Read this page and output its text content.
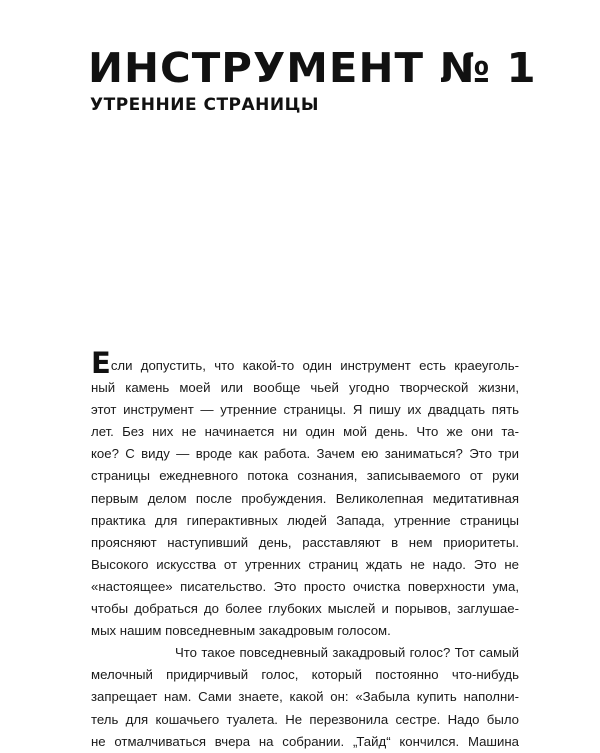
ИНСТРУМЕНТ № 1
УТРЕННИЕ СТРАНИЦЫ
Если допустить, что какой-то один инструмент есть краеуголь-
ный камень моей или вообще чьей угодно творческой жизни,
этот инструмент — утренние страницы. Я пишу их двадцать пять
лет. Без них не начинается ни один мой день. Что же они та-
кое? С виду — вроде как работа. Зачем ею заниматься? Это три
страницы ежедневного потока сознания, записываемого от руки
первым делом после пробуждения. Великолепная медитативная
практика для гиперактивных людей Запада, утренние страницы
проясняют наступивший день, расставляют в нем приоритеты.
Высокого искусства от утренних страниц ждать не надо. Это не
«настоящее» писательство. Это просто очистка поверхности ума,
чтобы добраться до более глубоких мыслей и порывов, заглушае-
мых нашим повседневным закадровым голосом.
Что такое повседневный закадровый голос? Тот самый
мелочный придирчивый голос, который постоянно что-нибудь
запрещает нам. Сами знаете, какой он: «Забыла купить наполни-
тель для кошачьего туалета. Не перезвонила сестре. Надо было
не отмалчиваться вчера на собрании. „Тайд“ кончился. Машина
